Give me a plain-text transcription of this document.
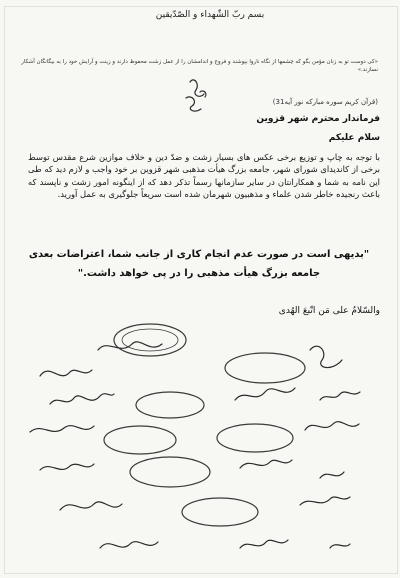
بسم ربّ الشّهداء و الصّدّیقین
«کی دوست تو به زنان مؤمن بگو که چشمها از نگاه ناروا بپوشند و فروج و اندامشان را از عمل زشت محفوظ دارند و زینت و آرایش خود را به بیگانگان آشکار نسازند.»
(قرآن کریم سوره مبارکه نور آیه31)
فرماندار محترم شهر قزوین
سلام علیکم
با توجه به چاپ و توزیع برخی عکس های بسیار زشت و ضدّ دین و خلاف موازین شرع مقدس توسط برخی از کاندیدای شورای شهر، جامعه بزرگ هیأت مذهبی شهر قزوین بر خود واجب و لازم دید که طی این نامه به شما و همکارانتان در سایر سازمانها رسماً تذکر دهد که از اینگونه امور زشت و ناپسند که باعث رنجیده خاطر شدن علماء و مذهبیون شهرمان شده است سریعاً جلوگیری به عمل آورید.
"بدیهی است در صورت عدم انجام کاری از جانب شما، اعتراضات بعدی جامعه بزرگ هیأت مذهبی را در پی خواهد داشت."
والسّلامُ علی مَن اتّبعَ الهُدی
